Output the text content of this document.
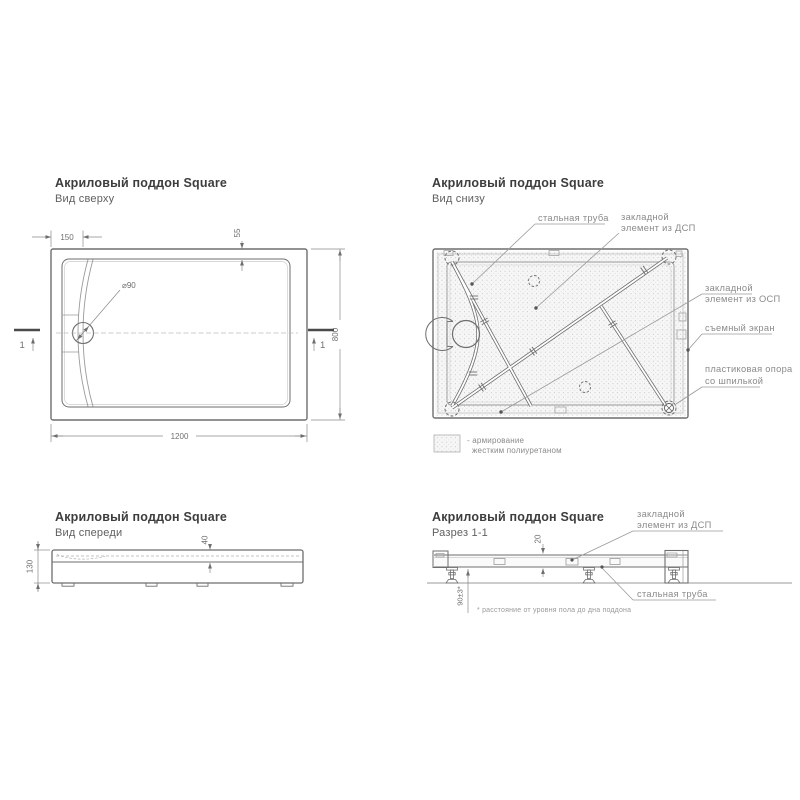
Акриловый поддон Square
Вид сверху
⌀90
150	55
1200
800
1	1
Акриловый поддон Square
Вид снизу
стальная труба закладной
элемент из ДСП
закладной
элемент из ОСП
съемный экран
пластиковая опора
со шпилькой
- армирование
жестким полиуретаном
Акриловый поддон Square
Вид спереди
40
130
Акриловый поддон Square
Разрез 1-1	20
90±3*
* расстояние от уровня пола до дна поддона
закладной
элемент из ДСП
стальная труба
